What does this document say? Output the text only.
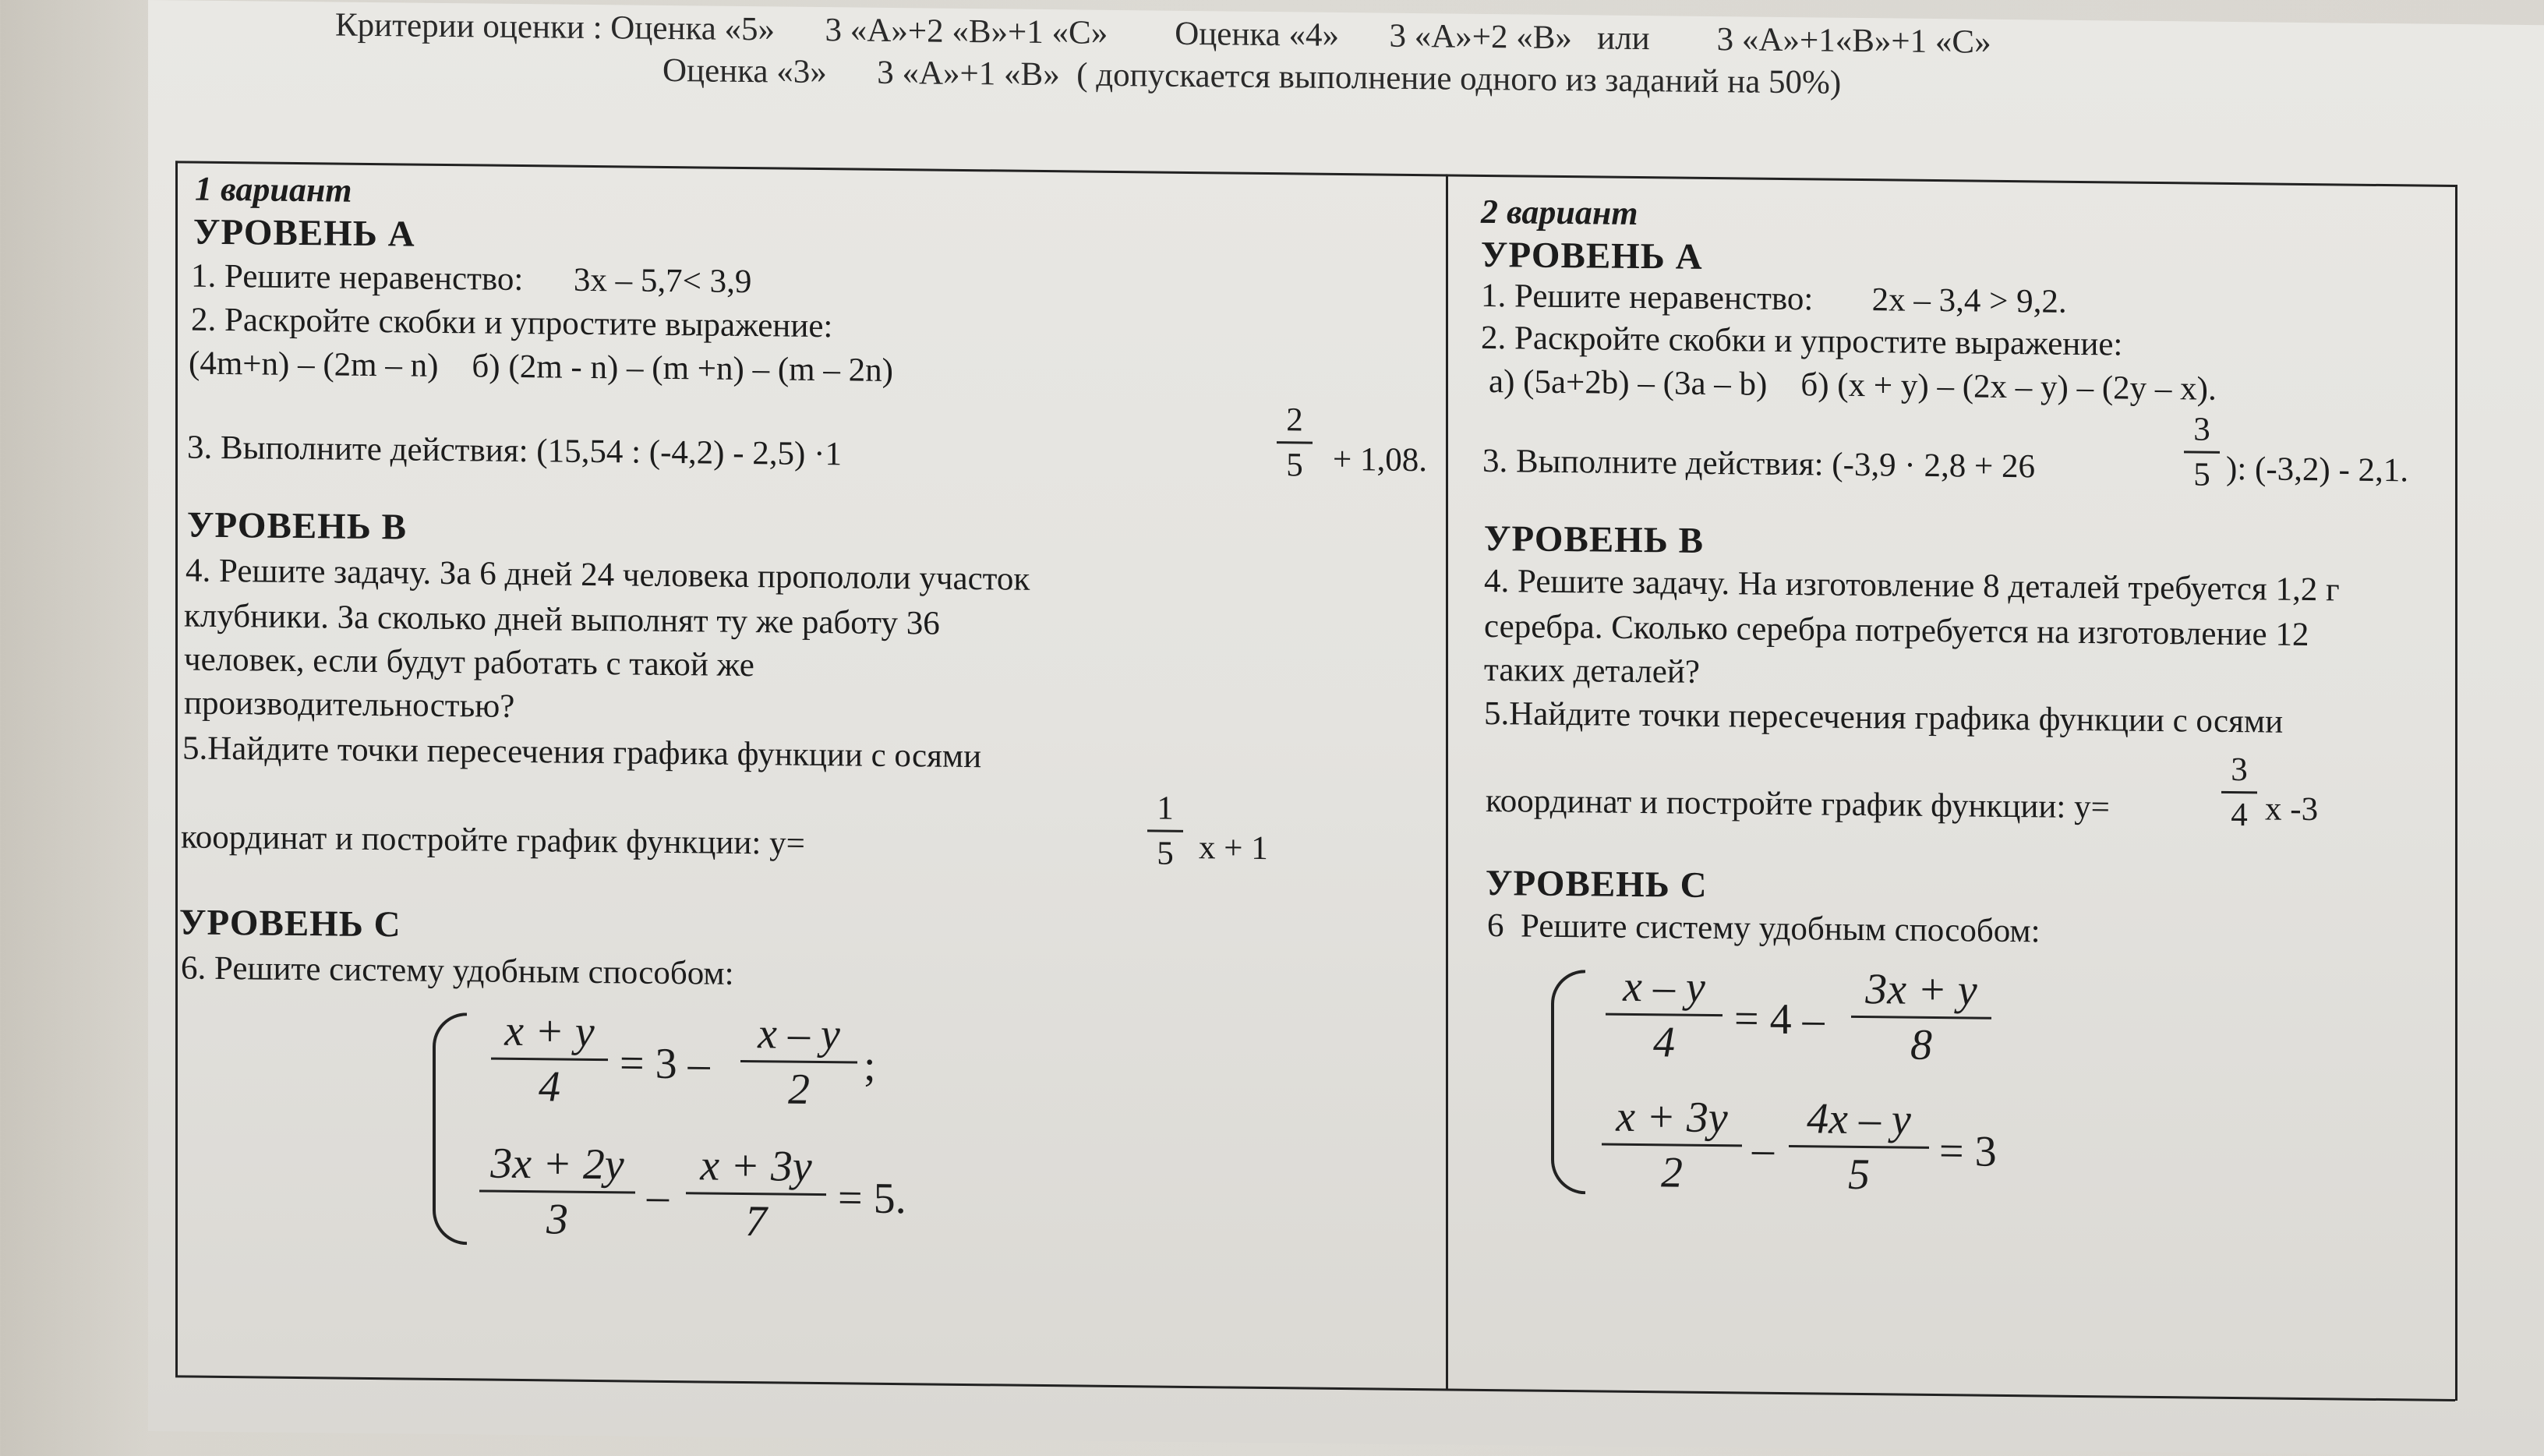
Критерии оценки : Оценка «5»      3 «А»+2 «В»+1 «С»        Оценка «4»      3 «А»+2 «В»   или        3 «А»+1«В»+1 «С»
Оценка «3»      3 «А»+1 «В»  ( допускается выполнение одного из заданий на 50%)
1 вариант
УРОВЕНЬ А
1. Решите неравенство:      3х – 5,7< 3,9
2. Раскройте скобки и упростите выражение:
(4m+n) – (2m – n)    б) (2m - n) – (m +n) – (m – 2n)
3. Выполните действия: (15,54 : (-4,2) - 2,5) ·1
2
5 + 1,08.
УРОВЕНЬ В
4. Решите задачу. За 6 дней 24 человека пропололи участок
клубники. За сколько дней выполнят ту же работу 36
человек, если будут работать с такой же
производительностью?
5.Найдите точки пересечения графика функции с осями
координат и постройте график функции: у=
1
5 х + 1
УРОВЕНЬ С
6. Решите систему удобным способом:
x + y
4	= 3 –
x – y
2	;
3x + 2y
3	–
x + 3y
7	= 5.
2 вариант
УРОВЕНЬ А
1. Решите неравенство:       2х – 3,4 > 9,2.
2. Раскройте скобки и упростите выражение:
а) (5а+2b) – (3а – b)    б) (x + y) – (2x – y) – (2y – x).
3. Выполните действия: (-3,9 · 2,8 + 26
3
5 ): (-3,2) - 2,1.
УРОВЕНЬ В
4. Решите задачу. На изготовление 8 деталей требуется 1,2 г
серебра. Сколько серебра потребуется на изготовление 12
таких деталей?
5.Найдите точки пересечения графика функции с осями
координат и постройте график функции: у=
3
4 х -3
УРОВЕНЬ С
6  Решите систему удобным способом:
x – y
4	= 4 –
3x + y
8
x + 3y
2	–
4x – y
5	= 3
